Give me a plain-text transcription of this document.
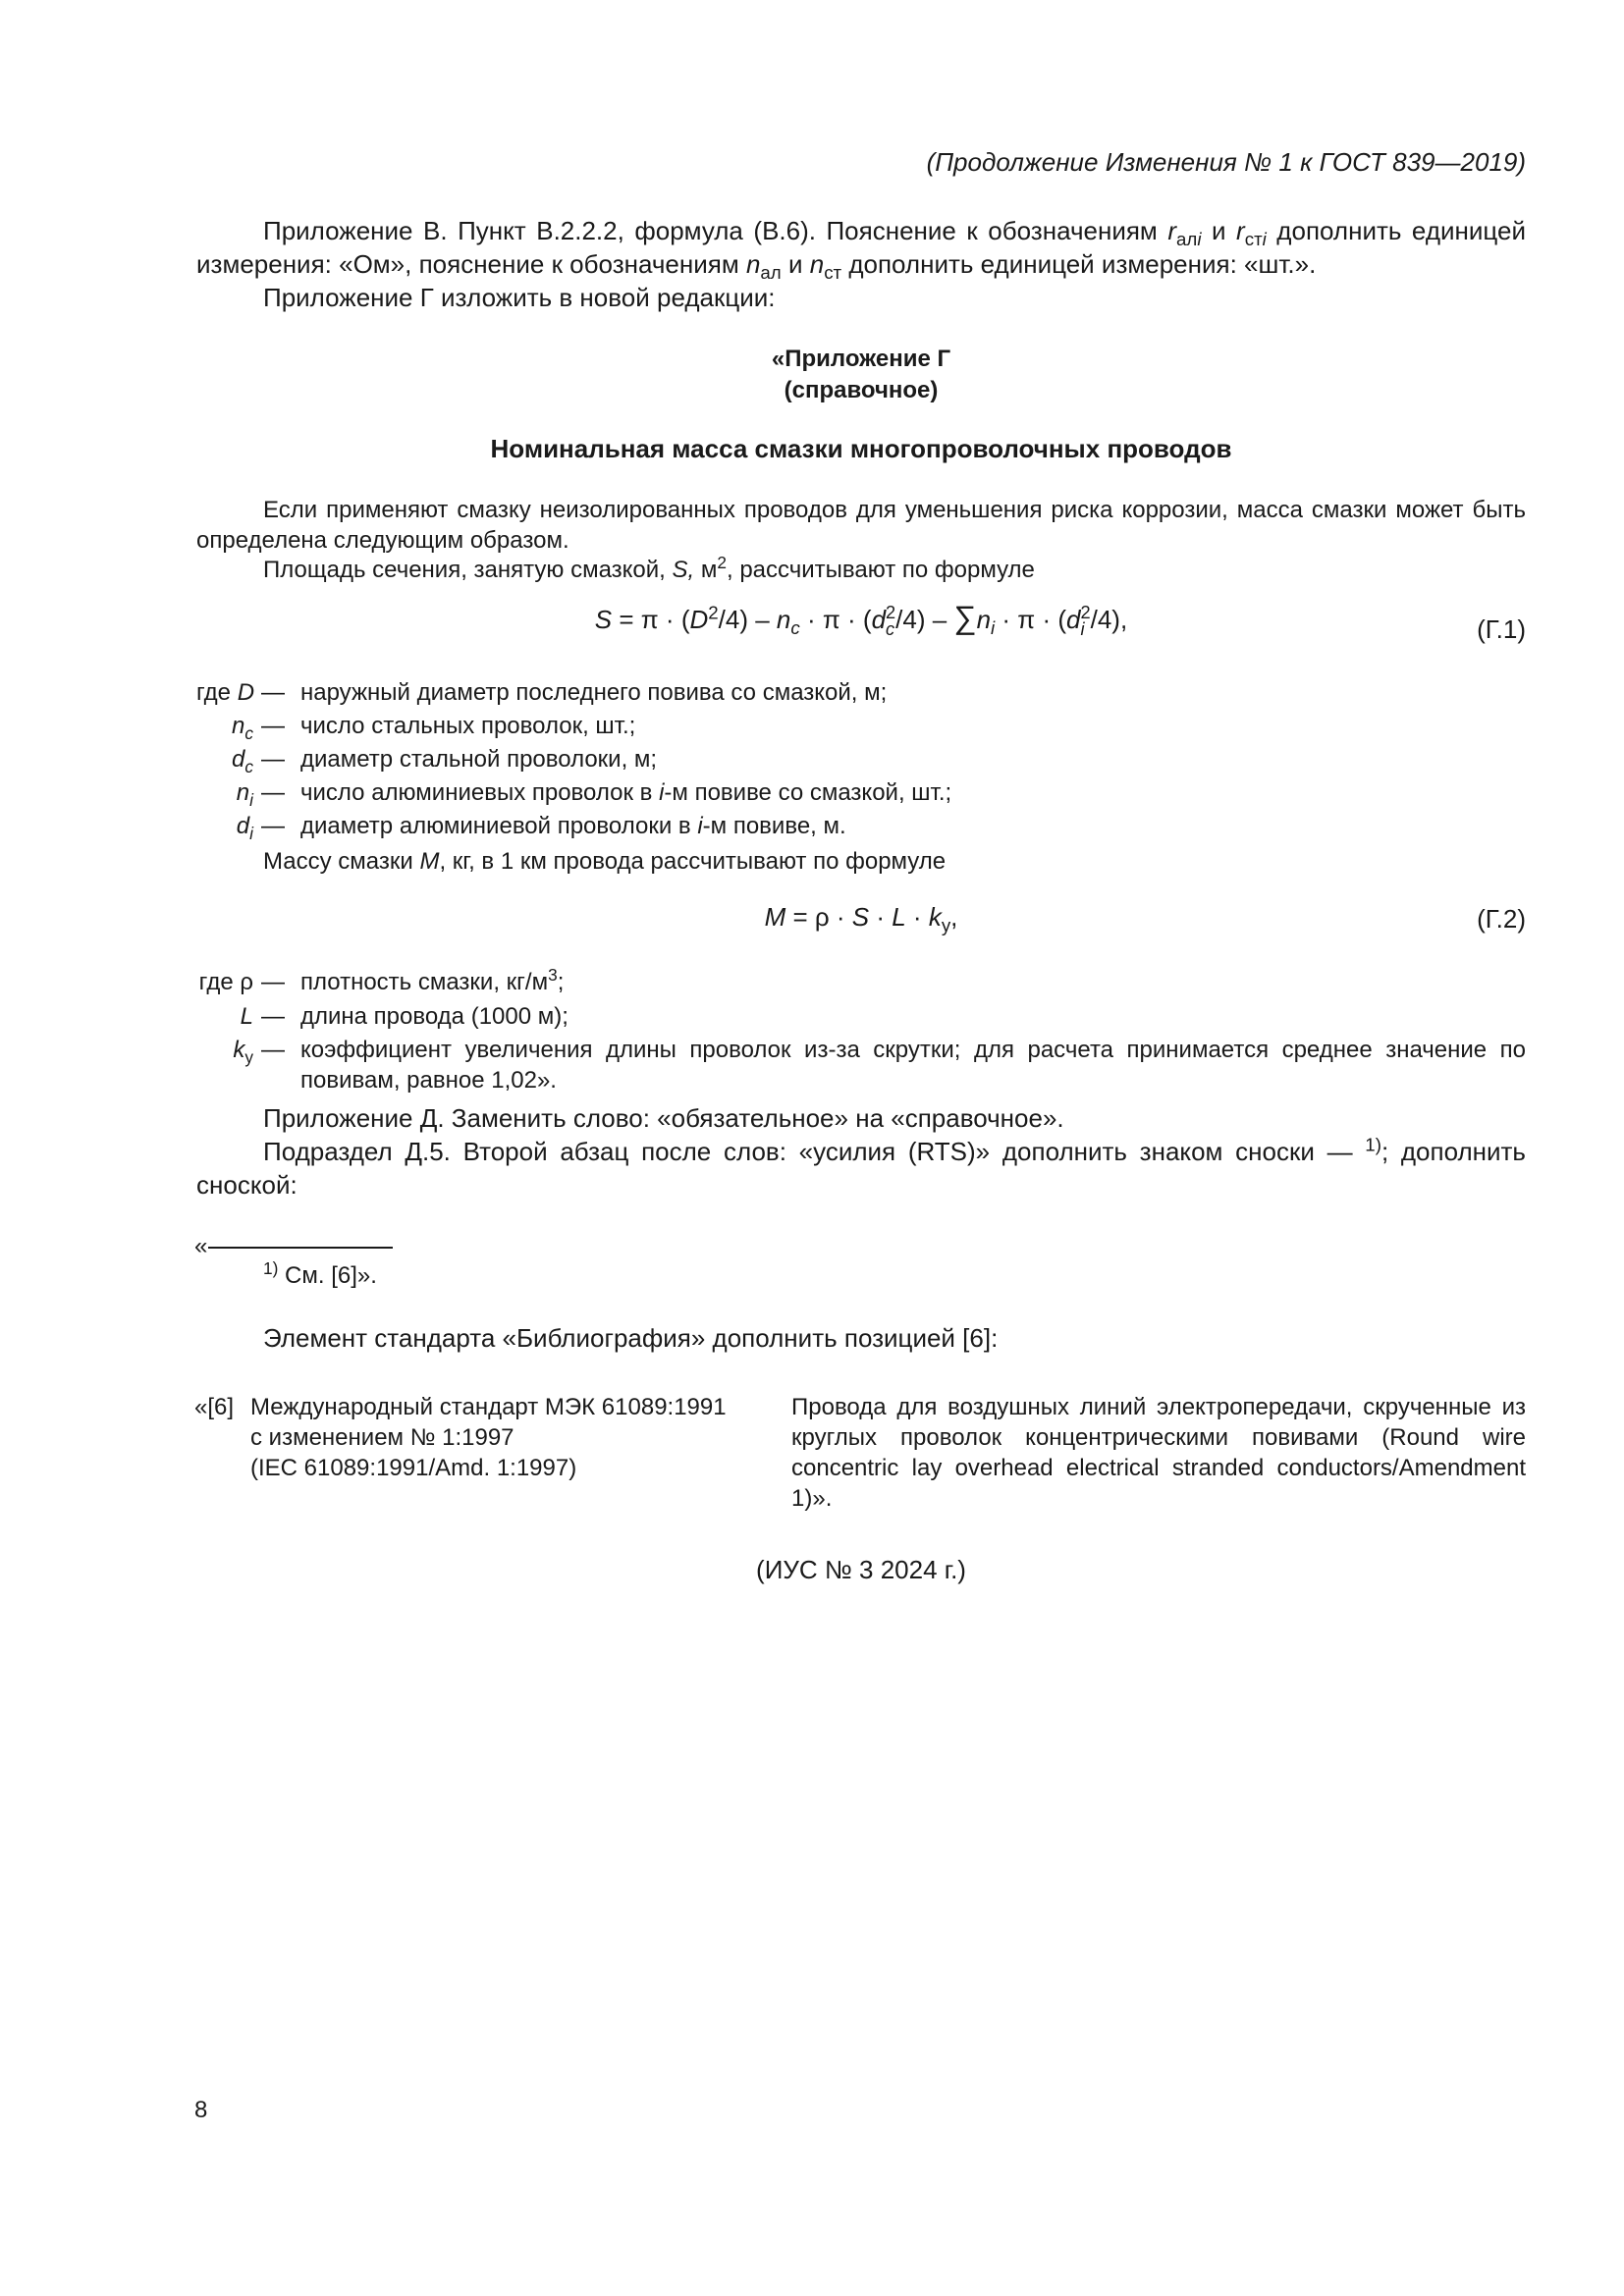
(Продолжение Изменения № 1 к ГОСТ 839—2019)
Приложение В. Пункт В.2.2.2, формула (В.6). Пояснение к обозначениям $r_{алi}$ и $r_{стi}$ дополнить единицей измерения: «Ом», пояснение к обозначениям $n_{ал}$ и $n_{ст}$ дополнить единицей измерения: «шт.».
Приложение Г изложить в новой редакции:
«Приложение Г
(справочное)
Номинальная масса смазки многопроволочных проводов
Если применяют смазку неизолированных проводов для уменьшения риска коррозии, масса смазки может быть определена следующим образом.
Площадь сечения, занятую смазкой, S, $м^2$, рассчитывают по формуле
$S = \pi \cdot (D^2/4) - n_c \cdot \pi \cdot (d$ 2
c $/4) - \sum n_i \cdot \pi \cdot (d$ 2
i /4),	(Г.1)
где D — наружный диаметр последнего повива со смазкой, м;
$n_c$ — число стальных проволок, шт.;
$d_c$ — диаметр стальной проволоки, м;
$n_i$ — число алюминиевых проволок в i-м повиве со смазкой, шт.;
$d_i$ — диаметр алюминиевой проволоки в i-м повиве, м.
Массу смазки M, кг, в 1 км провода рассчитывают по формуле
$M = \rho \cdot S \cdot L \cdot k_у$,	(Г.2)
где ρ — плотность смазки, $кг/м^3$;
L — длина провода (1000 м);
$k_у$ — коэффициент увеличения длины проволок из-за скрутки; для расчета принимается среднее значение по повивам, равное 1,02».
Приложение Д. Заменить слово: «обязательное» на «справочное».
Подраздел Д.5. Второй абзац после слов: «усилия (RTS)» дополнить знаком сноски — $^{1)}$; дополнить сноской:
«
$^{1)}$ См. [6]».
Элемент стандарта «Библиография» дополнить позицией [6]:
«[6] Международный стандарт МЭК 61089:1991
с изменением № 1:1997
(IEC 61089:1991/Amd. 1:1997)
Провода для воздушных линий электропередачи, скрученные из круглых проволок концентрическими повивами (Round wire concentric lay overhead electrical stranded conductors/Amendment 1)».
(ИУС № 3 2024 г.)
8
